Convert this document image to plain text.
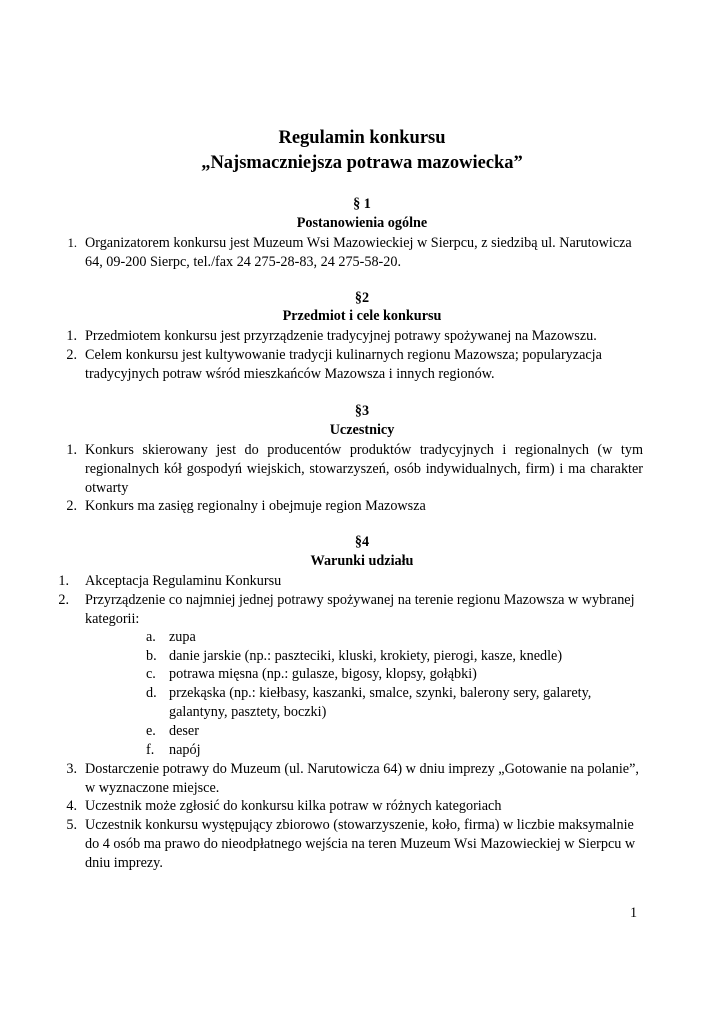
Regulamin konkursu
„Najsmaczniejsza potrawa mazowiecka”
§ 1
Postanowienia ogólne
1. Organizatorem konkursu jest Muzeum Wsi Mazowieckiej w Sierpcu, z siedzibą ul. Narutowicza 64, 09-200 Sierpc, tel./fax 24 275-28-83, 24 275-58-20.
§2
Przedmiot i cele konkursu
1. Przedmiotem konkursu jest przyrządzenie tradycyjnej potrawy spożywanej na Mazowszu.
2. Celem konkursu jest kultywowanie tradycji kulinarnych regionu Mazowsza; popularyzacja tradycyjnych potraw wśród mieszkańców Mazowsza i innych regionów.
§3
Uczestnicy
1. Konkurs skierowany jest do producentów produktów tradycyjnych i regionalnych (w tym regionalnych kół gospodyń wiejskich, stowarzyszeń, osób indywidualnych, firm) i ma charakter otwarty
2. Konkurs ma zasięg regionalny i obejmuje region Mazowsza
§4
Warunki udziału
1. Akceptacja Regulaminu Konkursu
2. Przyrządzenie co najmniej jednej potrawy spożywanej na terenie regionu Mazowsza w wybranej kategorii:
a. zupa
b. danie jarskie (np.: paszteciki, kluski, krokiety, pierogi, kasze, knedle)
c. potrawa mięsna (np.: gulasze, bigosy, klopsy, gołąbki)
d. przekąska (np.: kiełbasy, kaszanki, smalce, szynki, balerony sery, galarety, galantyny, pasztety, boczki)
e. deser
f.	napój
3. Dostarczenie potrawy do Muzeum (ul. Narutowicza 64) w dniu imprezy „Gotowanie na polanie”, w wyznaczone miejsce.
4. Uczestnik może zgłosić do konkursu kilka potraw w różnych kategoriach
5. Uczestnik konkursu występujący zbiorowo (stowarzyszenie, koło, firma) w liczbie maksymalnie do 4 osób ma prawo do nieodpłatnego wejścia na teren Muzeum Wsi Mazowieckiej w Sierpcu w dniu imprezy.
1
